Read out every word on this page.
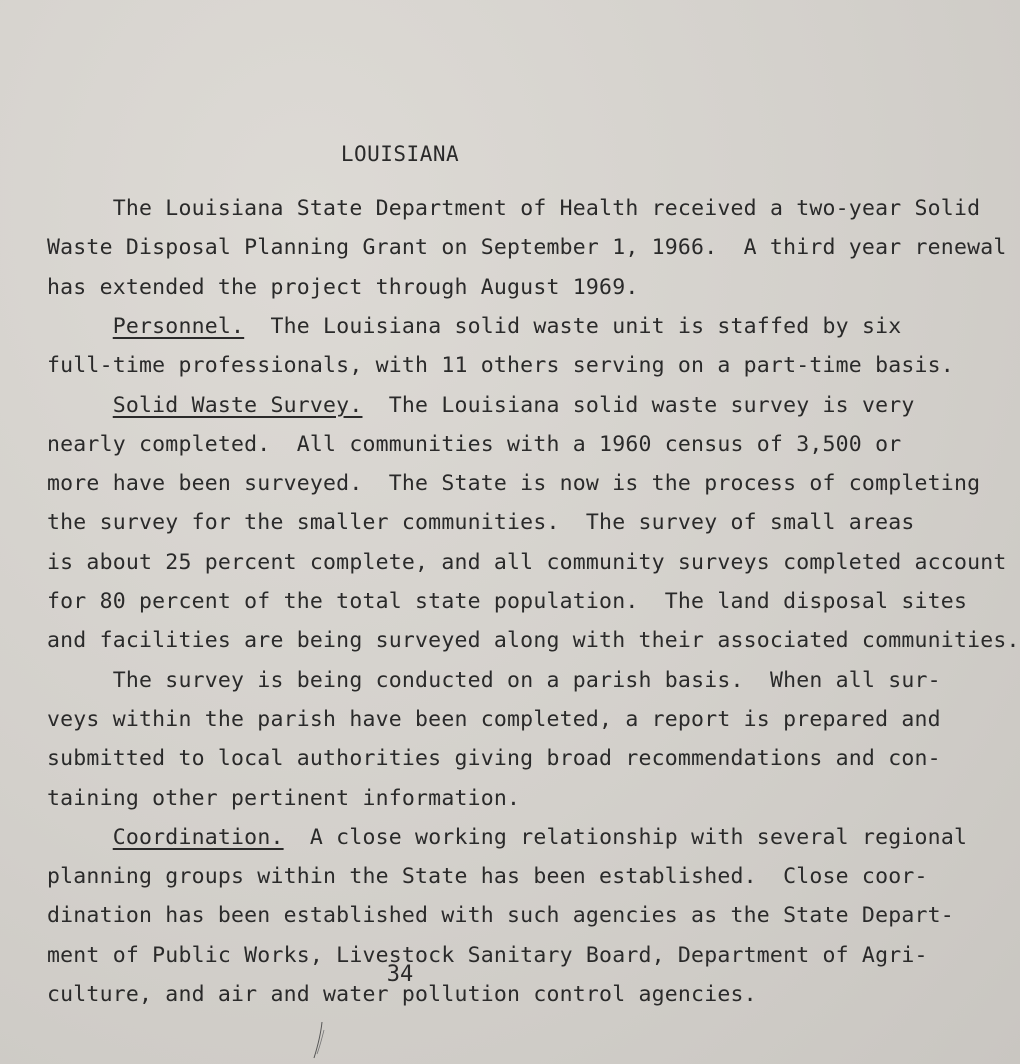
LOUISIANA
The Louisiana State Department of Health received a two-year Solid
Waste Disposal Planning Grant on September 1, 1966.  A third year renewal
has extended the project through August 1969.
Personnel.  The Louisiana solid waste unit is staffed by six
full-time professionals, with 11 others serving on a part-time basis.
Solid Waste Survey.  The Louisiana solid waste survey is very
nearly completed.  All communities with a 1960 census of 3,500 or
more have been surveyed.  The State is now is the process of completing
the survey for the smaller communities.  The survey of small areas
is about 25 percent complete, and all community surveys completed account
for 80 percent of the total state population.  The land disposal sites
and facilities are being surveyed along with their associated communities.
The survey is being conducted on a parish basis.  When all sur-
veys within the parish have been completed, a report is prepared and
submitted to local authorities giving broad recommendations and con-
taining other pertinent information.
Coordination.  A close working relationship with several regional
planning groups within the State has been established.  Close coor-
dination has been established with such agencies as the State Depart-
ment of Public Works, Livestock Sanitary Board, Department of Agri-
culture, and air and water pollution control agencies.
34
